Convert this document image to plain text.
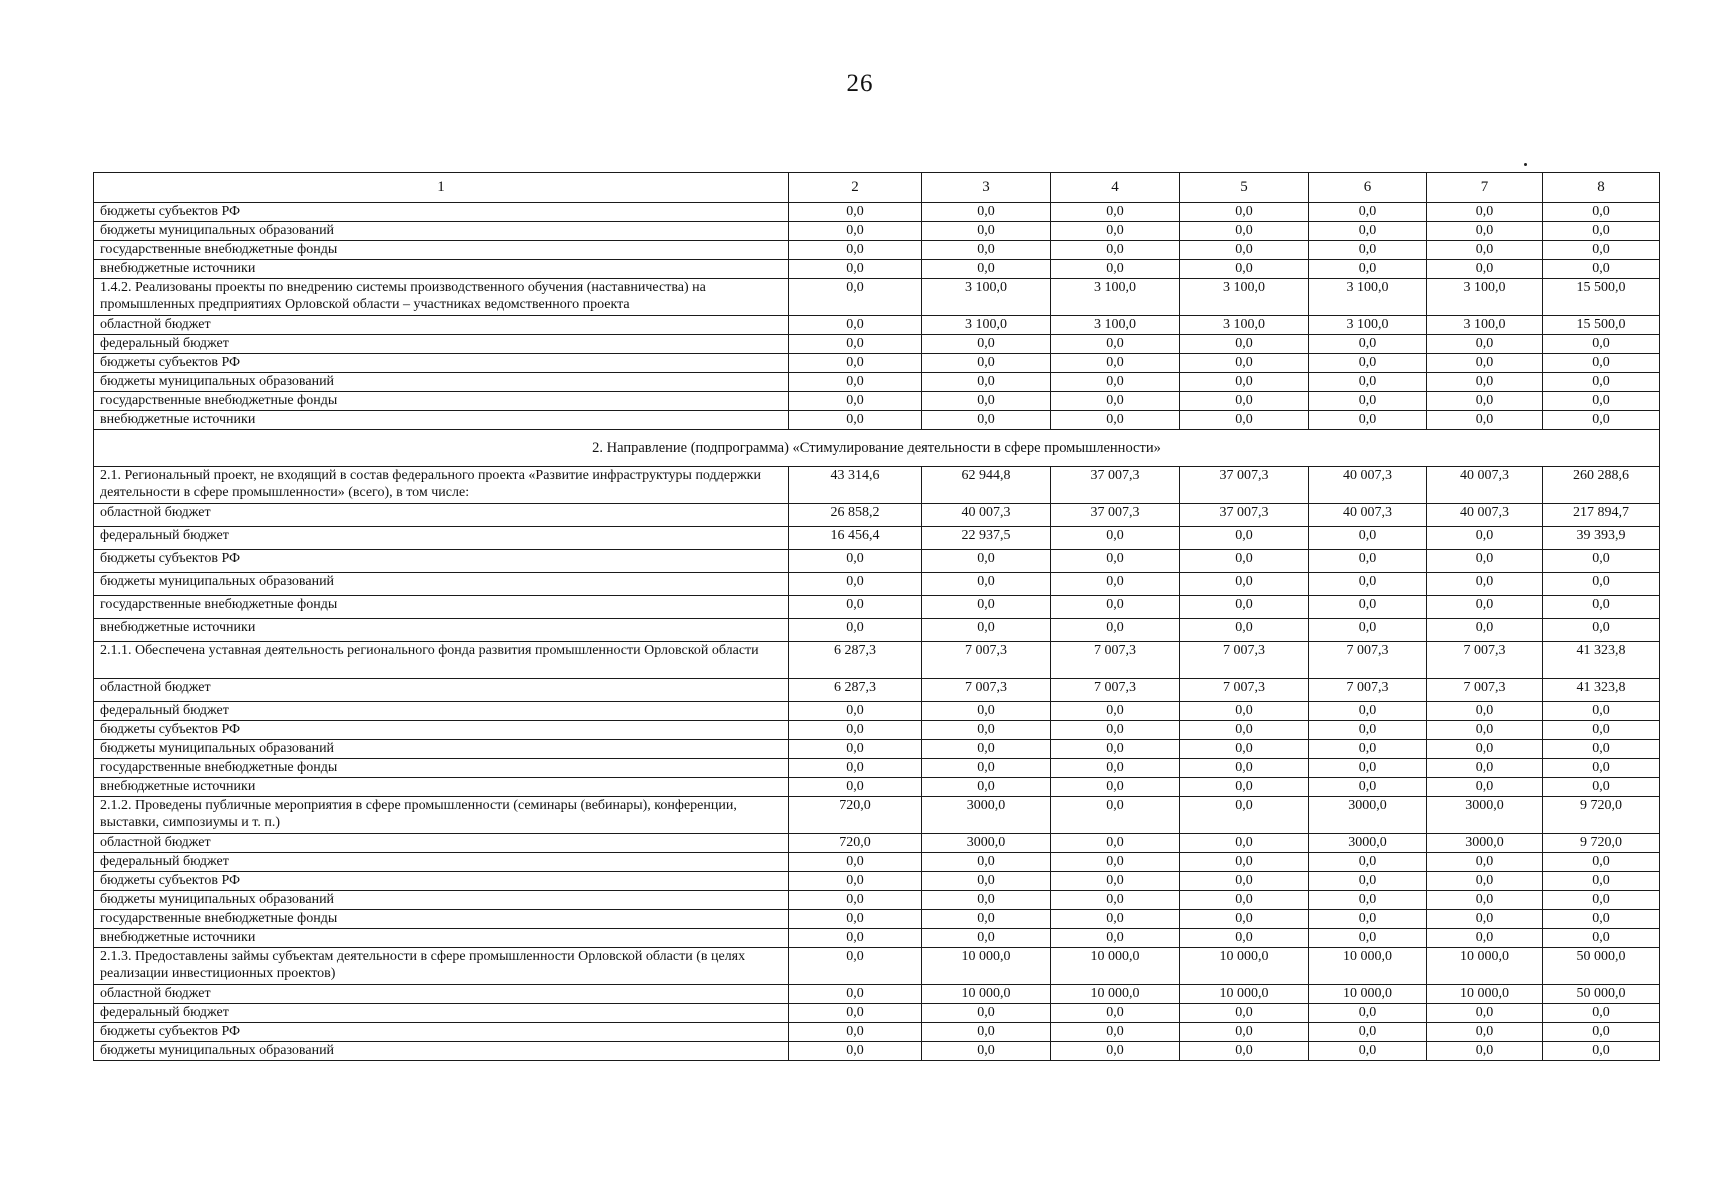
26
1	2	3	4	5	6	7	8
бюджеты субъектов РФ	0,0	0,0	0,0	0,0	0,0	0,0	0,0
бюджеты муниципальных образований	0,0	0,0	0,0	0,0	0,0	0,0	0,0
государственные внебюджетные фонды	0,0	0,0	0,0	0,0	0,0	0,0	0,0
внебюджетные источники	0,0	0,0	0,0	0,0	0,0	0,0	0,0
1.4.2. Реализованы проекты по внедрению системы производственного обучения (наставничества) на промышленных предприятиях Орловской области – участниках ведомственного проекта	0,0	3 100,0	3 100,0	3 100,0	3 100,0	3 100,0	15 500,0
областной бюджет	0,0	3 100,0	3 100,0	3 100,0	3 100,0	3 100,0	15 500,0
федеральный бюджет	0,0	0,0	0,0	0,0	0,0	0,0	0,0
бюджеты субъектов РФ	0,0	0,0	0,0	0,0	0,0	0,0	0,0
бюджеты муниципальных образований	0,0	0,0	0,0	0,0	0,0	0,0	0,0
государственные внебюджетные фонды	0,0	0,0	0,0	0,0	0,0	0,0	0,0
внебюджетные источники	0,0	0,0	0,0	0,0	0,0	0,0	0,0
2. Направление (подпрограмма) «Стимулирование деятельности в сфере промышленности»							
2.1. Региональный проект, не входящий в состав федерального проекта «Развитие инфраструктуры поддержки деятельности в сфере промышленности» (всего), в том числе:	43 314,6	62 944,8	37 007,3	37 007,3	40 007,3	40 007,3	260 288,6
областной бюджет	26 858,2	40 007,3	37 007,3	37 007,3	40 007,3	40 007,3	217 894,7
федеральный бюджет	16 456,4	22 937,5	0,0	0,0	0,0	0,0	39 393,9
бюджеты субъектов РФ	0,0	0,0	0,0	0,0	0,0	0,0	0,0
бюджеты муниципальных образований	0,0	0,0	0,0	0,0	0,0	0,0	0,0
государственные внебюджетные фонды	0,0	0,0	0,0	0,0	0,0	0,0	0,0
внебюджетные источники	0,0	0,0	0,0	0,0	0,0	0,0	0,0
2.1.1. Обеспечена уставная деятельность регионального фонда развития промышленности Орловской области	6 287,3	7 007,3	7 007,3	7 007,3	7 007,3	7 007,3	41 323,8
областной бюджет	6 287,3	7 007,3	7 007,3	7 007,3	7 007,3	7 007,3	41 323,8
федеральный бюджет	0,0	0,0	0,0	0,0	0,0	0,0	0,0
бюджеты субъектов РФ	0,0	0,0	0,0	0,0	0,0	0,0	0,0
бюджеты муниципальных образований	0,0	0,0	0,0	0,0	0,0	0,0	0,0
государственные внебюджетные фонды	0,0	0,0	0,0	0,0	0,0	0,0	0,0
внебюджетные источники	0,0	0,0	0,0	0,0	0,0	0,0	0,0
2.1.2. Проведены публичные мероприятия в сфере промышленности (семинары (вебинары), конференции, выставки, симпозиумы и т. п.)	720,0	3000,0	0,0	0,0	3000,0	3000,0	9 720,0
областной бюджет	720,0	3000,0	0,0	0,0	3000,0	3000,0	9 720,0
федеральный бюджет	0,0	0,0	0,0	0,0	0,0	0,0	0,0
бюджеты субъектов РФ	0,0	0,0	0,0	0,0	0,0	0,0	0,0
бюджеты муниципальных образований	0,0	0,0	0,0	0,0	0,0	0,0	0,0
государственные внебюджетные фонды	0,0	0,0	0,0	0,0	0,0	0,0	0,0
внебюджетные источники	0,0	0,0	0,0	0,0	0,0	0,0	0,0
2.1.3. Предоставлены займы субъектам деятельности в сфере промышленности Орловской области (в целях реализации инвестиционных проектов)	0,0	10 000,0	10 000,0	10 000,0	10 000,0	10 000,0	50 000,0
областной бюджет	0,0	10 000,0	10 000,0	10 000,0	10 000,0	10 000,0	50 000,0
федеральный бюджет	0,0	0,0	0,0	0,0	0,0	0,0	0,0
бюджеты субъектов РФ	0,0	0,0	0,0	0,0	0,0	0,0	0,0
бюджеты муниципальных образований	0,0	0,0	0,0	0,0	0,0	0,0	0,0
